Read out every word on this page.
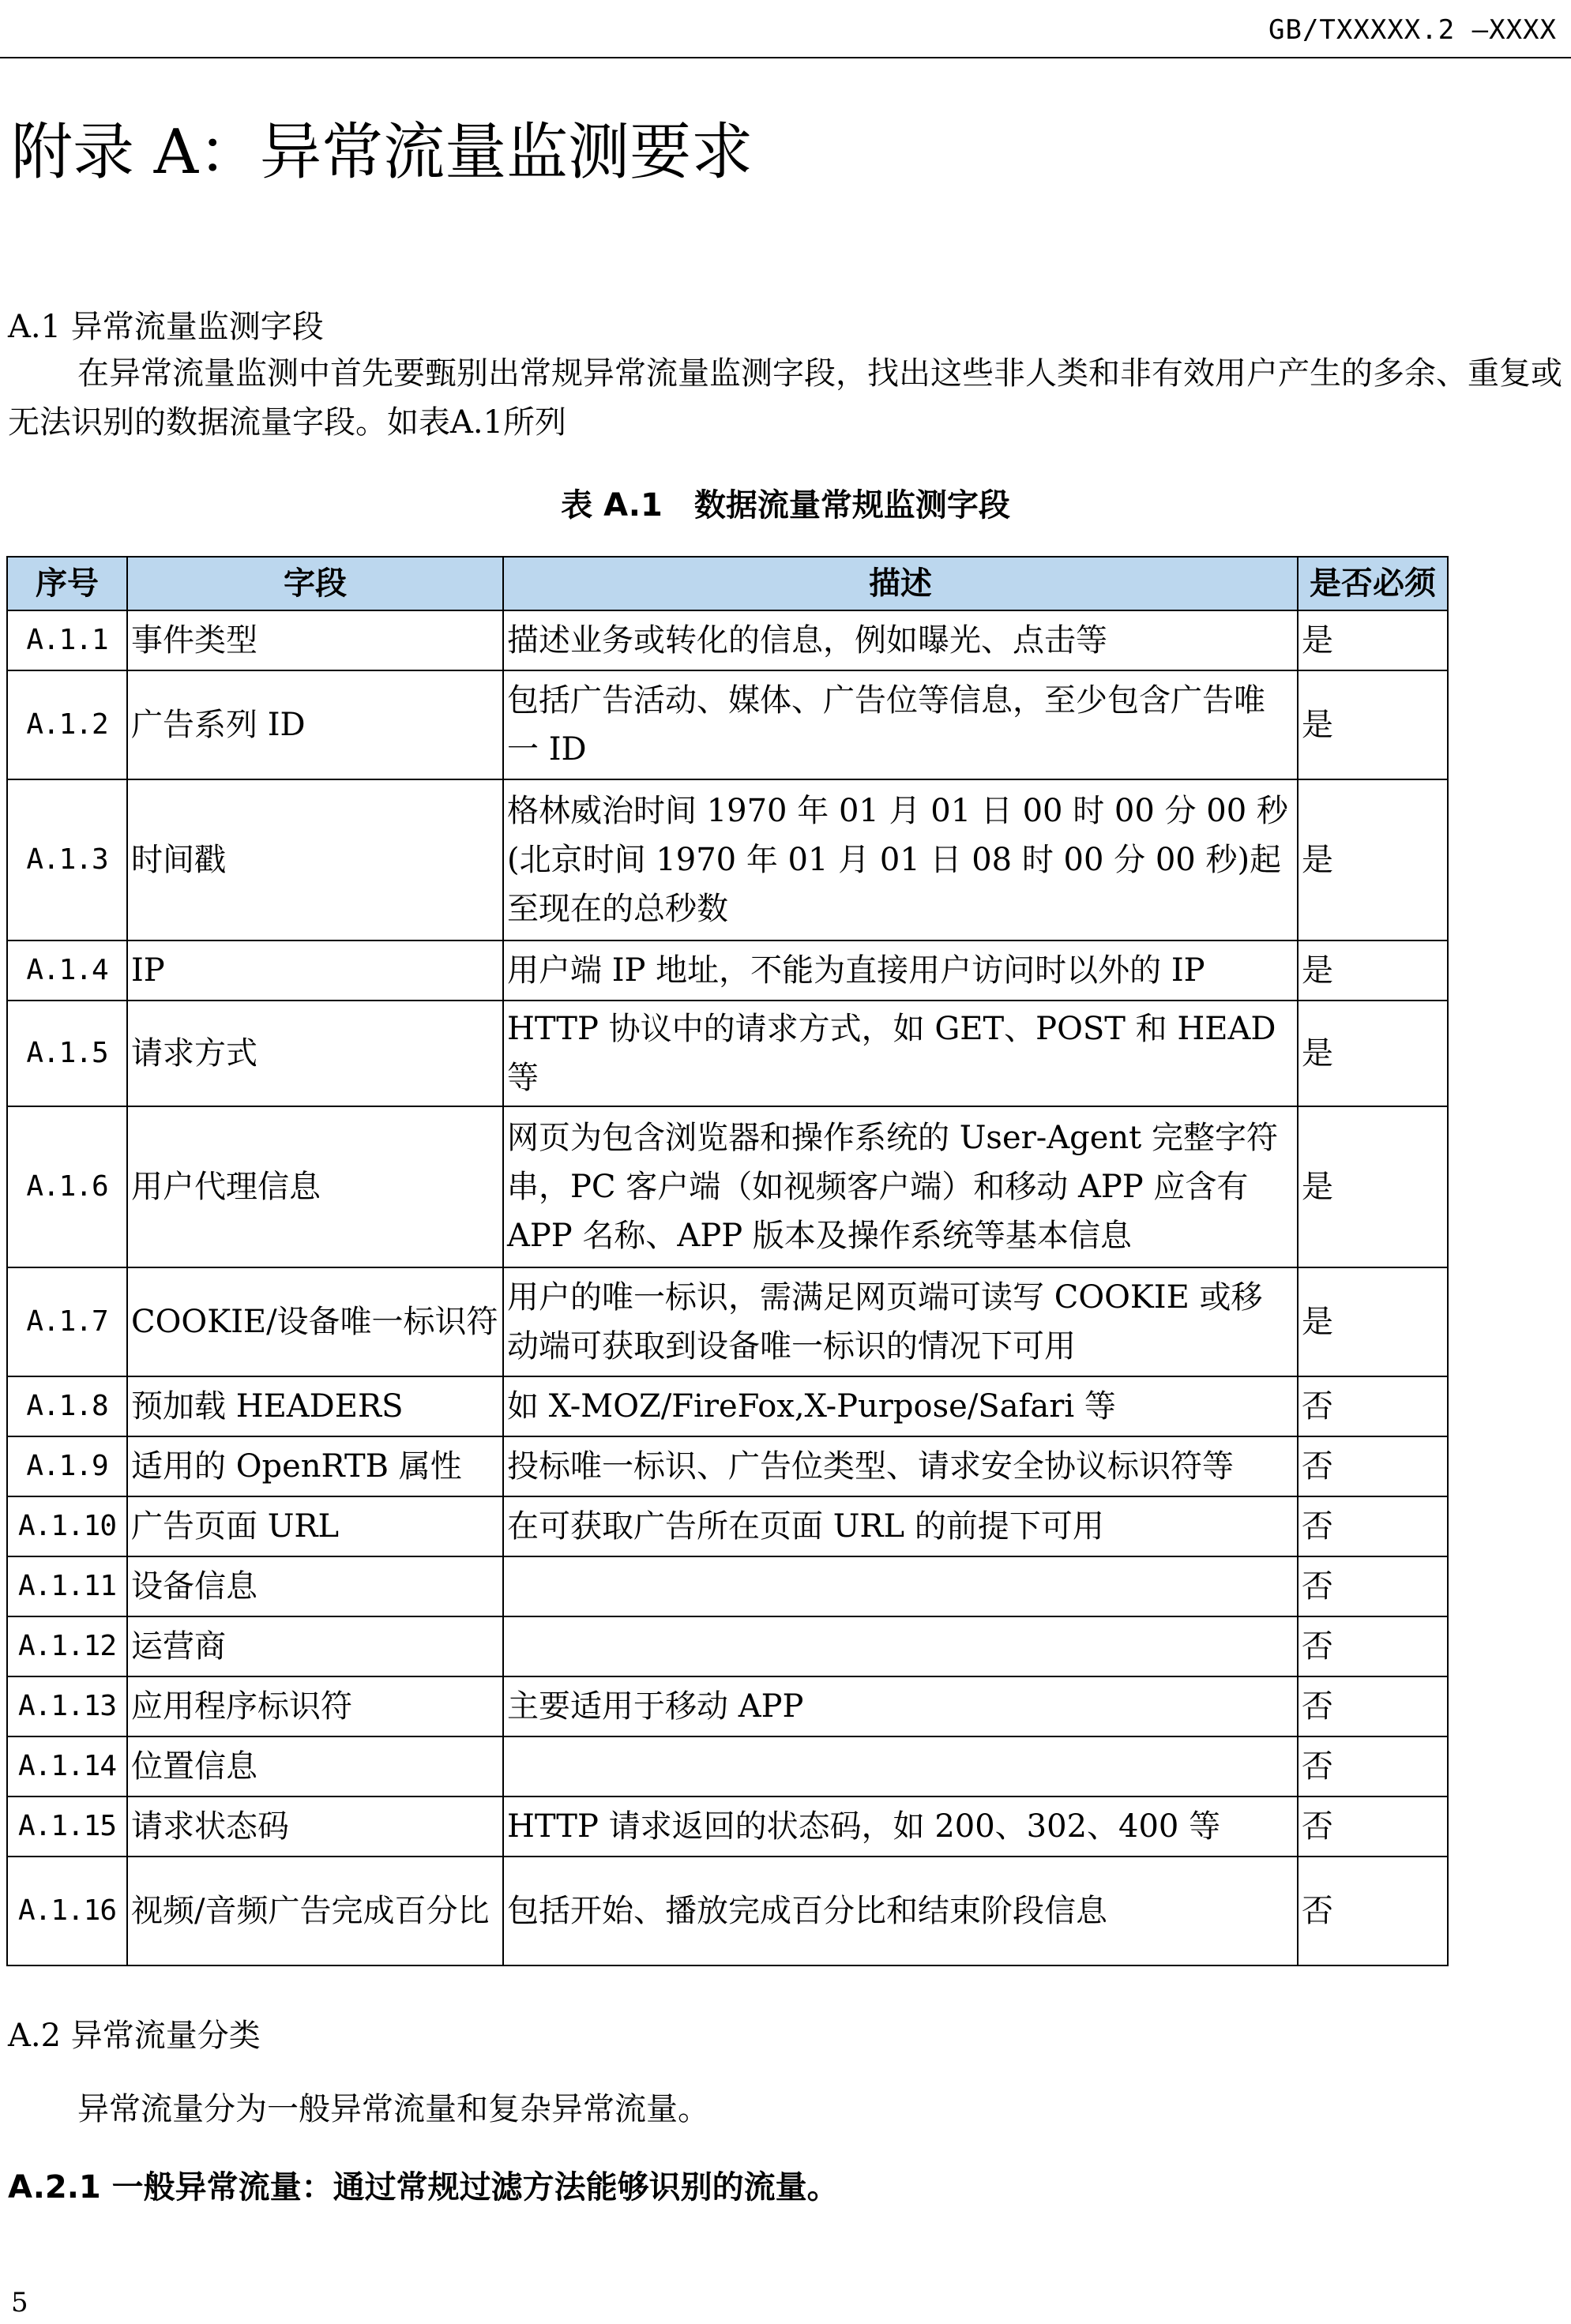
GB/TXXXXX.2 —XXXX
附录 A：异常流量监测要求
A.1 异常流量监测字段
在异常流量监测中首先要甄别出常规异常流量监测字段，找出这些非人类和非有效用户产生的多余、重复或无法识别的数据流量字段。如表A.1所列
表 A.1　数据流量常规监测字段
序号	字段	描述	是否必须
A.1.1	事件类型	描述业务或转化的信息，例如曝光、点击等	是
A.1.2	广告系列 ID	包括广告活动、媒体、广告位等信息，至少包含广告唯一 ID	是
A.1.3	时间戳	格林威治时间 1970 年 01 月 01 日 00 时 00 分 00 秒(北京时间 1970 年 01 月 01 日 08 时 00 分 00 秒)起至现在的总秒数	是
A.1.4	IP	用户端 IP 地址，不能为直接用户访问时以外的 IP	是
A.1.5	请求方式	HTTP 协议中的请求方式，如 GET、POST 和 HEAD 等	是
A.1.6	用户代理信息	网页为包含浏览器和操作系统的 User-Agent 完整字符串，PC 客户端（如视频客户端）和移动 APP 应含有 APP 名称、APP 版本及操作系统等基本信息	是
A.1.7	COOKIE/设备唯一标识符	用户的唯一标识，需满足网页端可读写 COOKIE 或移动端可获取到设备唯一标识的情况下可用	是
A.1.8	预加载 HEADERS	如 X-MOZ/FireFox,X-Purpose/Safari 等	否
A.1.9	适用的 OpenRTB 属性	投标唯一标识、广告位类型、请求安全协议标识符等	否
A.1.10	广告页面 URL	在可获取广告所在页面 URL 的前提下可用	否
A.1.11	设备信息		否
A.1.12	运营商		否
A.1.13	应用程序标识符	主要适用于移动 APP	否
A.1.14	位置信息		否
A.1.15	请求状态码	HTTP 请求返回的状态码，如 200、302、400 等	否
A.1.16	视频/音频广告完成百分比	包括开始、播放完成百分比和结束阶段信息	否
A.2 异常流量分类
异常流量分为一般异常流量和复杂异常流量。
A.2.1 一般异常流量：通过常规过滤方法能够识别的流量。
5
